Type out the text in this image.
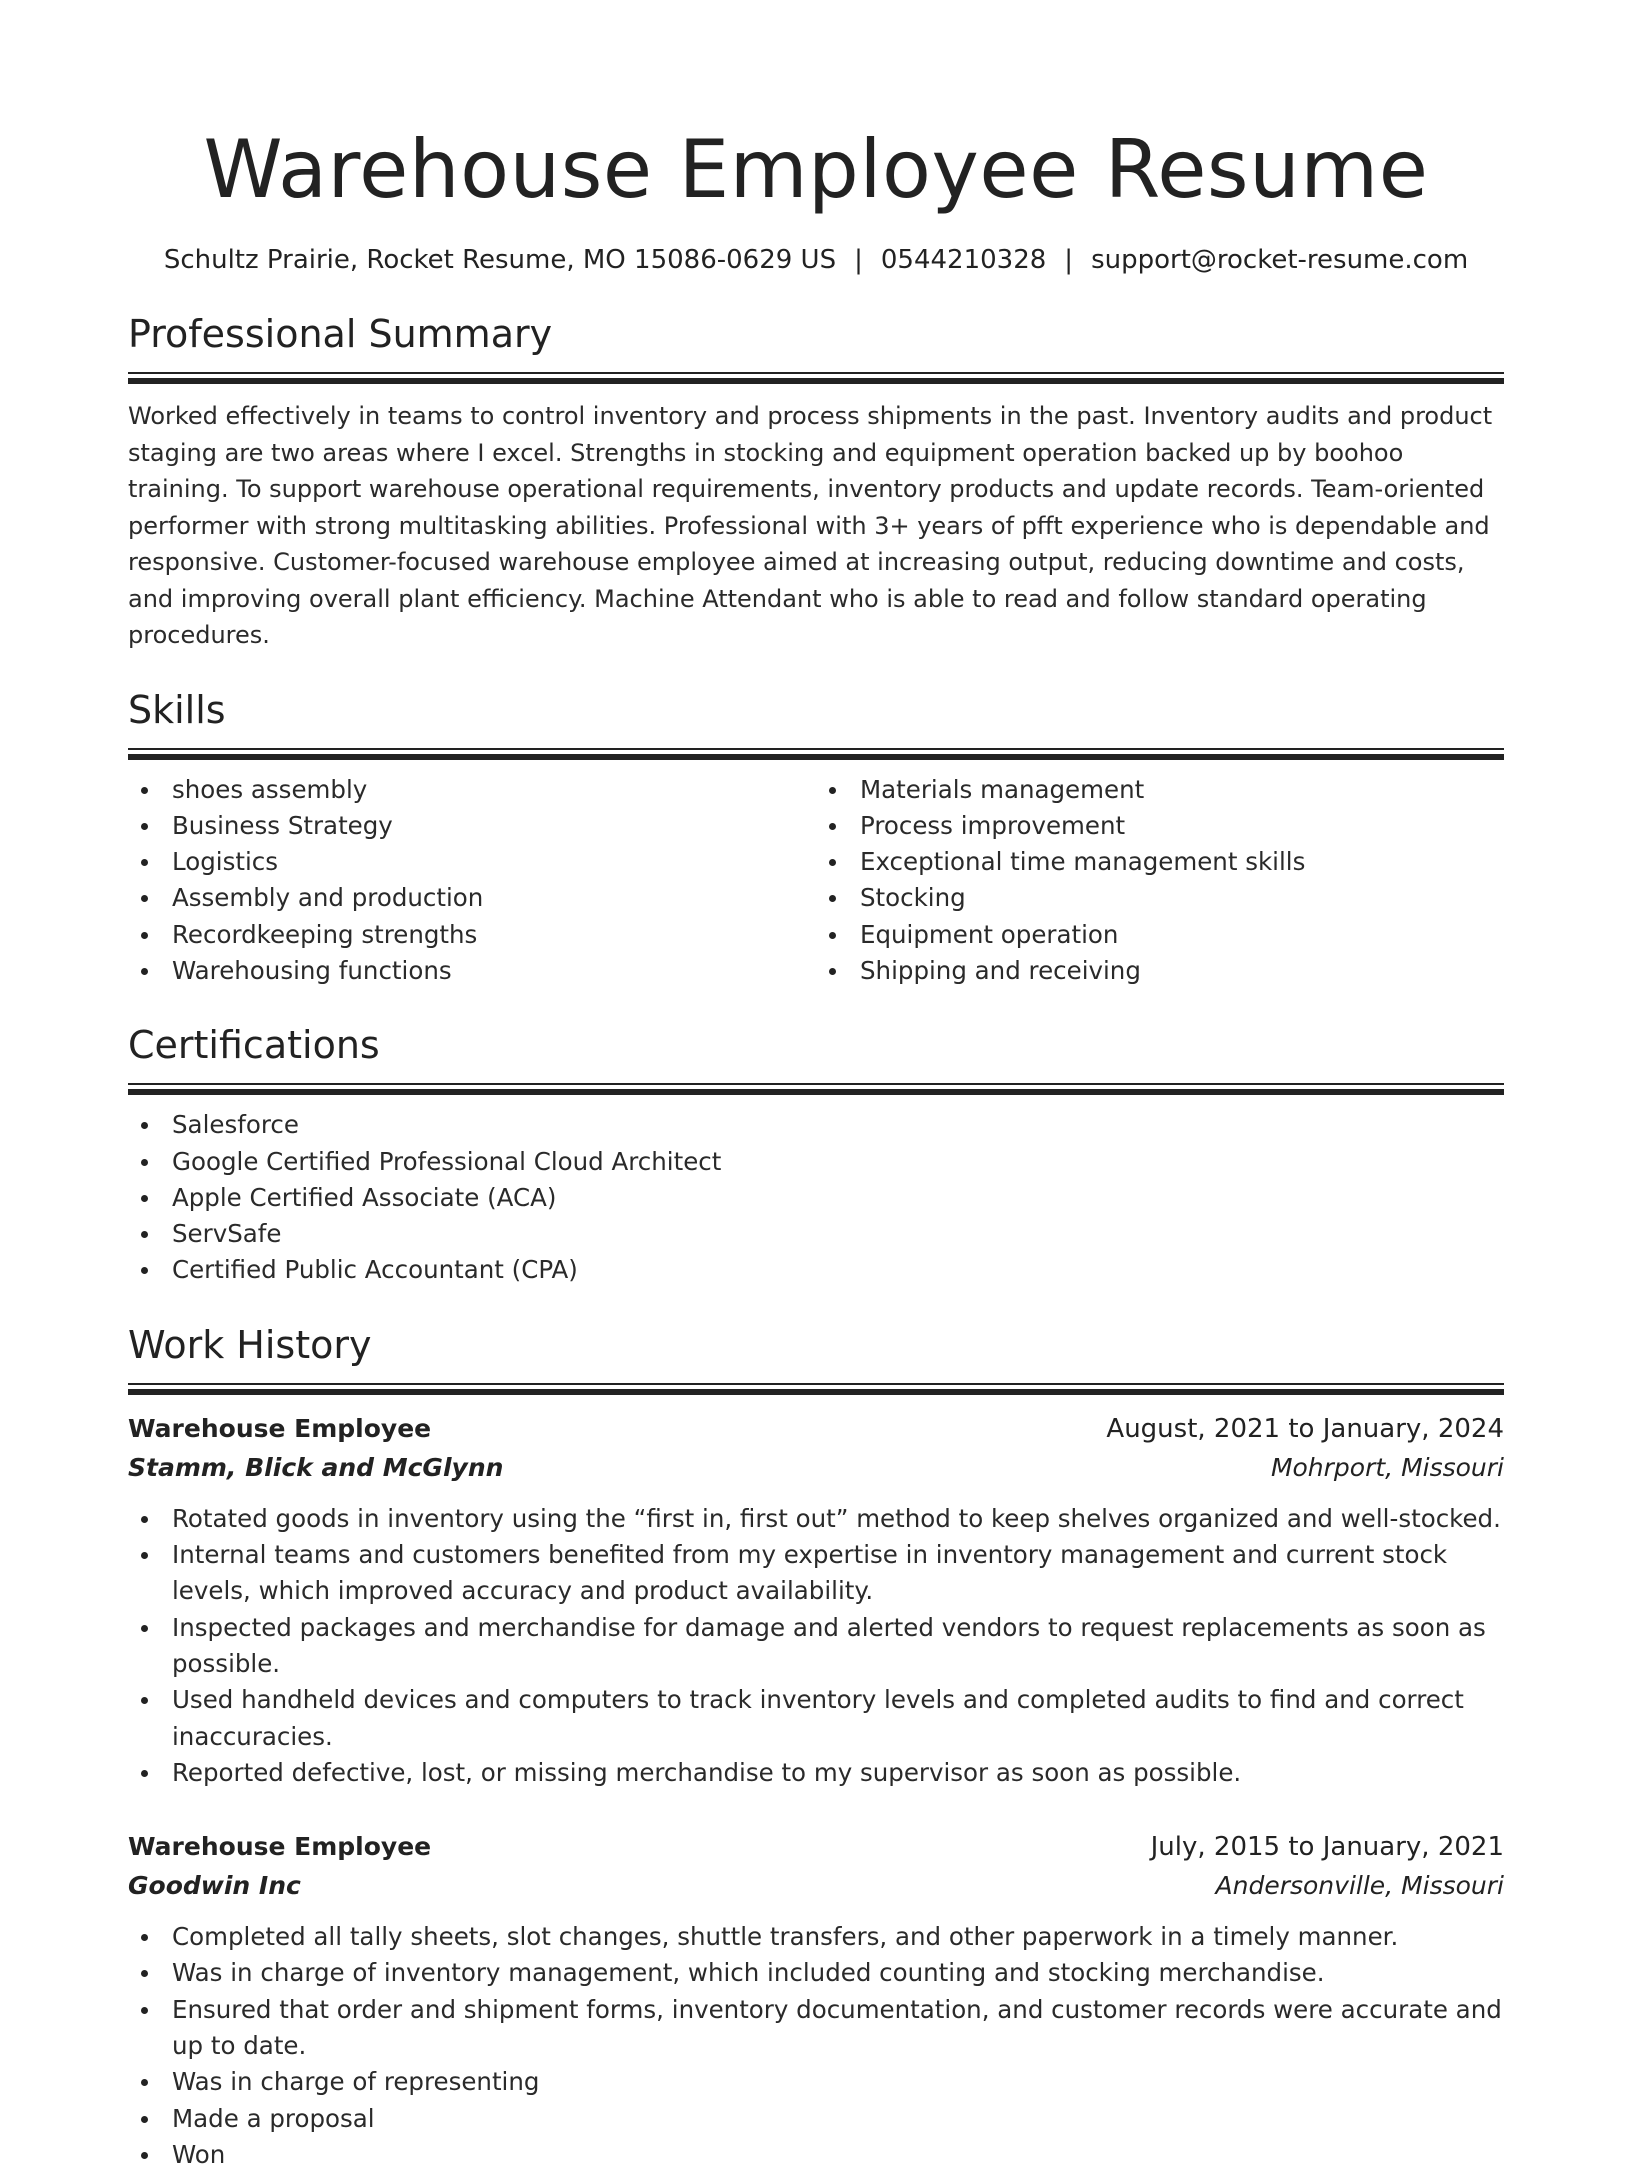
Warehouse Employee Resume
Schultz Prairie, Rocket Resume, MO 15086-0629 US | 0544210328 | support@rocket-resume.com
Professional Summary

Worked effectively in teams to control inventory and process shipments in the past. Inventory audits and product staging are two areas where I excel. Strengths in stocking and equipment operation backed up by boohoo training. To support warehouse operational requirements, inventory products and update records. Team-oriented performer with strong multitasking abilities. Professional with 3+ years of pfft experience who is dependable and responsive. Customer-focused warehouse employee aimed at increasing output, reducing downtime and costs, and improving overall plant efficiency. Machine Attendant who is able to read and follow standard operating procedures.

Skills
shoes assembly
Business Strategy
Logistics
Assembly and production
Recordkeeping strengths
Warehousing functions
Materials management
Process improvement
Exceptional time management skills
Stocking
Equipment operation
Shipping and receiving
Certifications
Salesforce
Google Certified Professional Cloud Architect
Apple Certified Associate (ACA)
ServSafe
Certified Public Accountant (CPA)
Work History
Warehouse Employee	August, 2021 to January, 2024
Stamm, Blick and McGlynn	Mohrport, Missouri
Rotated goods in inventory using the “first in, first out” method to keep shelves organized and well-stocked.
Internal teams and customers benefited from my expertise in inventory management and current stock levels, which improved accuracy and product availability.
Inspected packages and merchandise for damage and alerted vendors to request replacements as soon as possible.
Used handheld devices and computers to track inventory levels and completed audits to find and correct inaccuracies.
Reported defective, lost, or missing merchandise to my supervisor as soon as possible.
Warehouse Employee	July, 2015 to January, 2021
Goodwin Inc	Andersonville, Missouri
Completed all tally sheets, slot changes, shuttle transfers, and other paperwork in a timely manner.
Was in charge of inventory management, which included counting and stocking merchandise.
Ensured that order and shipment forms, inventory documentation, and customer records were accurate and up to date.
Was in charge of representing
Made a proposal
Won
